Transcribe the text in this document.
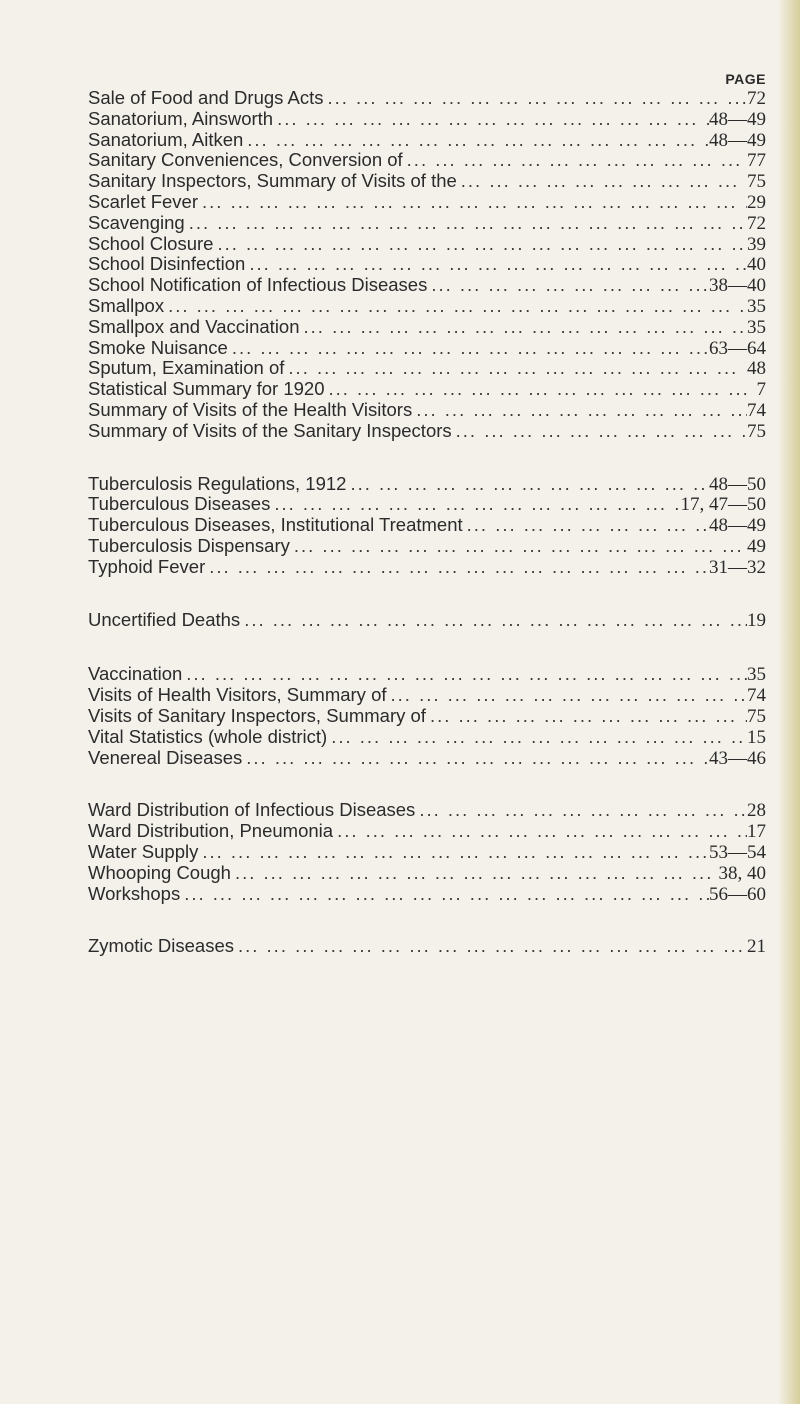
PAGE
Sale of Food and Drugs Acts ... .	72
Sanatorium, Ainsworth ... .	48—49
Sanatorium, Aitken ... .	48—49
Sanitary Conveniences, Conversion of ... .	77
Sanitary Inspectors, Summary of Visits of the ... .	75
Scarlet Fever ... .	29
Scavenging ... .	72
School Closure ... .	39
School Disinfection ... .	40
School Notification of Infectious Diseases ... .	38—40
Smallpox ... .	35
Smallpox and Vaccination ... .	35
Smoke Nuisance ... .	63—64
Sputum, Examination of ... .	48
Statistical Summary for 1920 ... .	7
Summary of Visits of the Health Visitors ... .	74
Summary of Visits of the Sanitary Inspectors ... .	75
Tuberculosis Regulations, 1912 ... .	48—50
Tuberculous Diseases ... .	17, 47—50
Tuberculous Diseases, Institutional Treatment ... .	48—49
Tuberculosis Dispensary ... .	49
Typhoid Fever ... .	31—32
Uncertified Deaths ... .	19
Vaccination ... .	35
Visits of Health Visitors, Summary of ... .	74
Visits of Sanitary Inspectors, Summary of ... .	75
Vital Statistics (whole district) ... .	15
Venereal Diseases ... .	43—46
Ward Distribution of Infectious Diseases ... .	28
Ward Distribution, Pneumonia ... .	17
Water Supply ... .	53—54
Whooping Cough ... .	38, 40
Workshops ... .	56—60
Zymotic Diseases ... .	21
